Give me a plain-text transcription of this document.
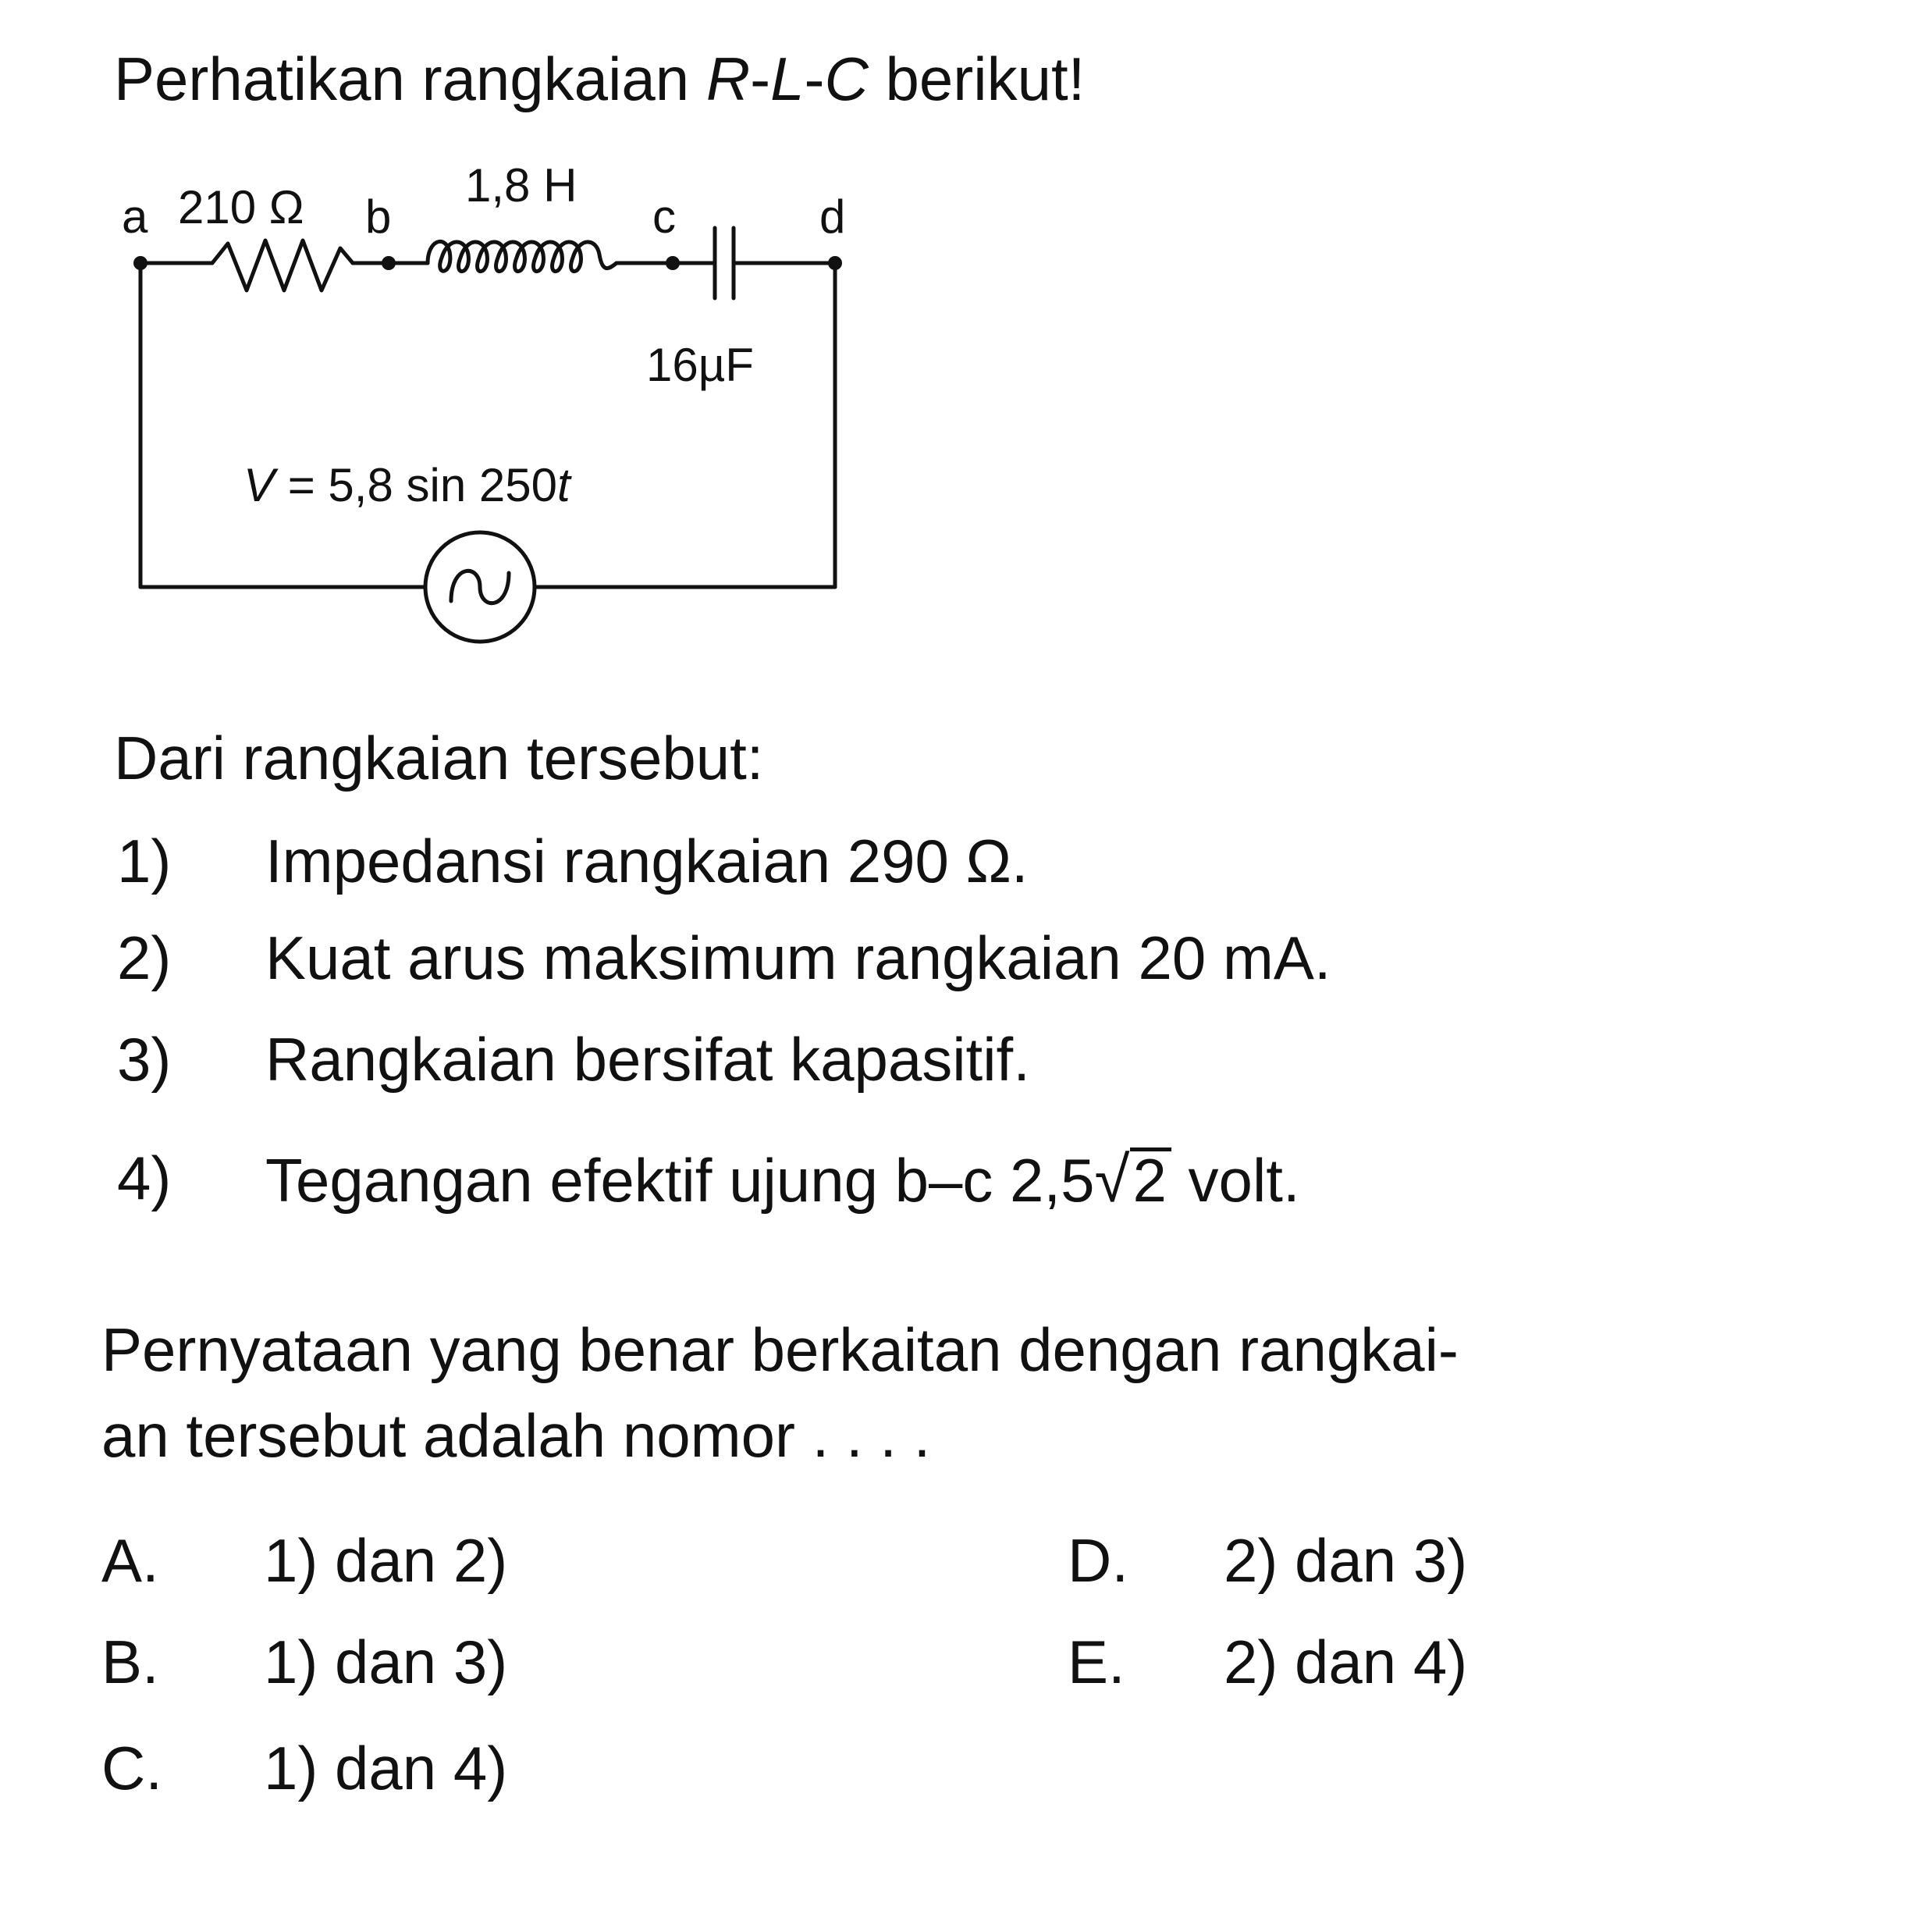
Perhatikan rangkaian R-L-C berikut!
a 210 Ω b
1,8 H
c	d
16µF
V = 5,8 sin 250t
Dari rangkaian tersebut:
1) Impedansi rangkaian 290 Ω.
2) Kuat arus maksimum rangkaian 20 mA.
3) Rangkaian bersifat kapasitif.
4) Tegangan efektif ujung b–c 2,5√2 volt.
Pernyataan yang benar berkaitan dengan rangkai-
an tersebut adalah nomor . . . .
A. 1) dan 2)
B. 1) dan 3)
C. 1) dan 4)
D. 2) dan 3)
E. 2) dan 4)
